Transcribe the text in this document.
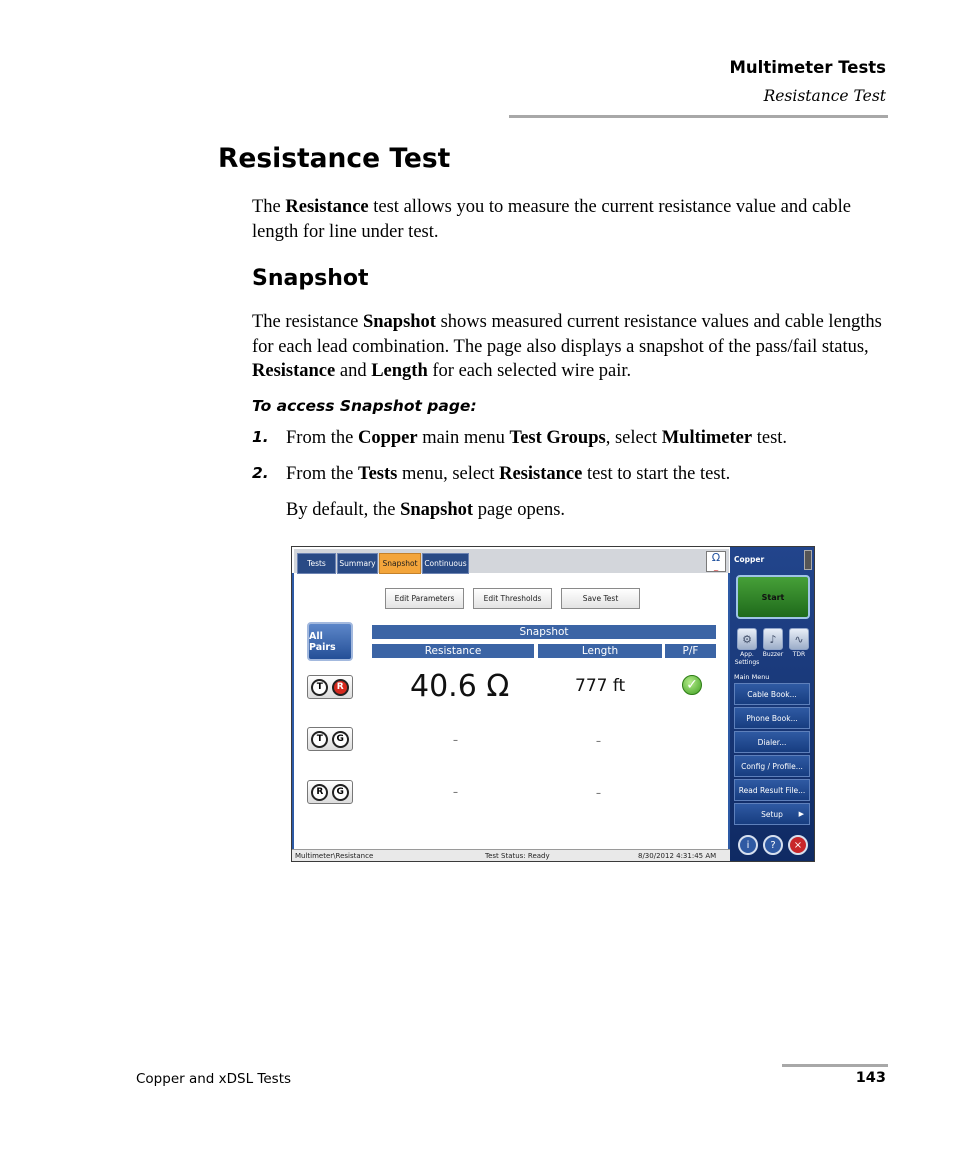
Multimeter Tests
Resistance Test
Resistance Test
The Resistance test allows you to measure the current resistance value and cable length for line under test.
Snapshot
The resistance Snapshot shows measured current resistance values and cable lengths for each lead combination. The page also displays a snapshot of the pass/fail status, Resistance and Length for each selected wire pair.
To access Snapshot page:
1. From the Copper main menu Test Groups, select Multimeter test.
2. From the Tests menu, select Resistance test to start the test.
By default, the Snapshot page opens.
Tests	Summary Snapshot Continuous	Ω
~
Edit Parameters	Edit Thresholds	Save Test
All Pairs
Snapshot
Resistance	Length	P/F
T	R 40.6 Ω	777 ft	✓
T	G	–	–
R	G	–	–
Multimeter\Resistance	Test Status: Ready	8/30/2012 4:31:45 AM
Copper
Start
⚙
App. Settings
♪
Buzzer
∿
TDR
Main Menu
Cable Book...
Phone Book...
Dialer...
Config / Profile...
Read Result File...
Setup ▶
i	?	×
Copper and xDSL Tests	143
